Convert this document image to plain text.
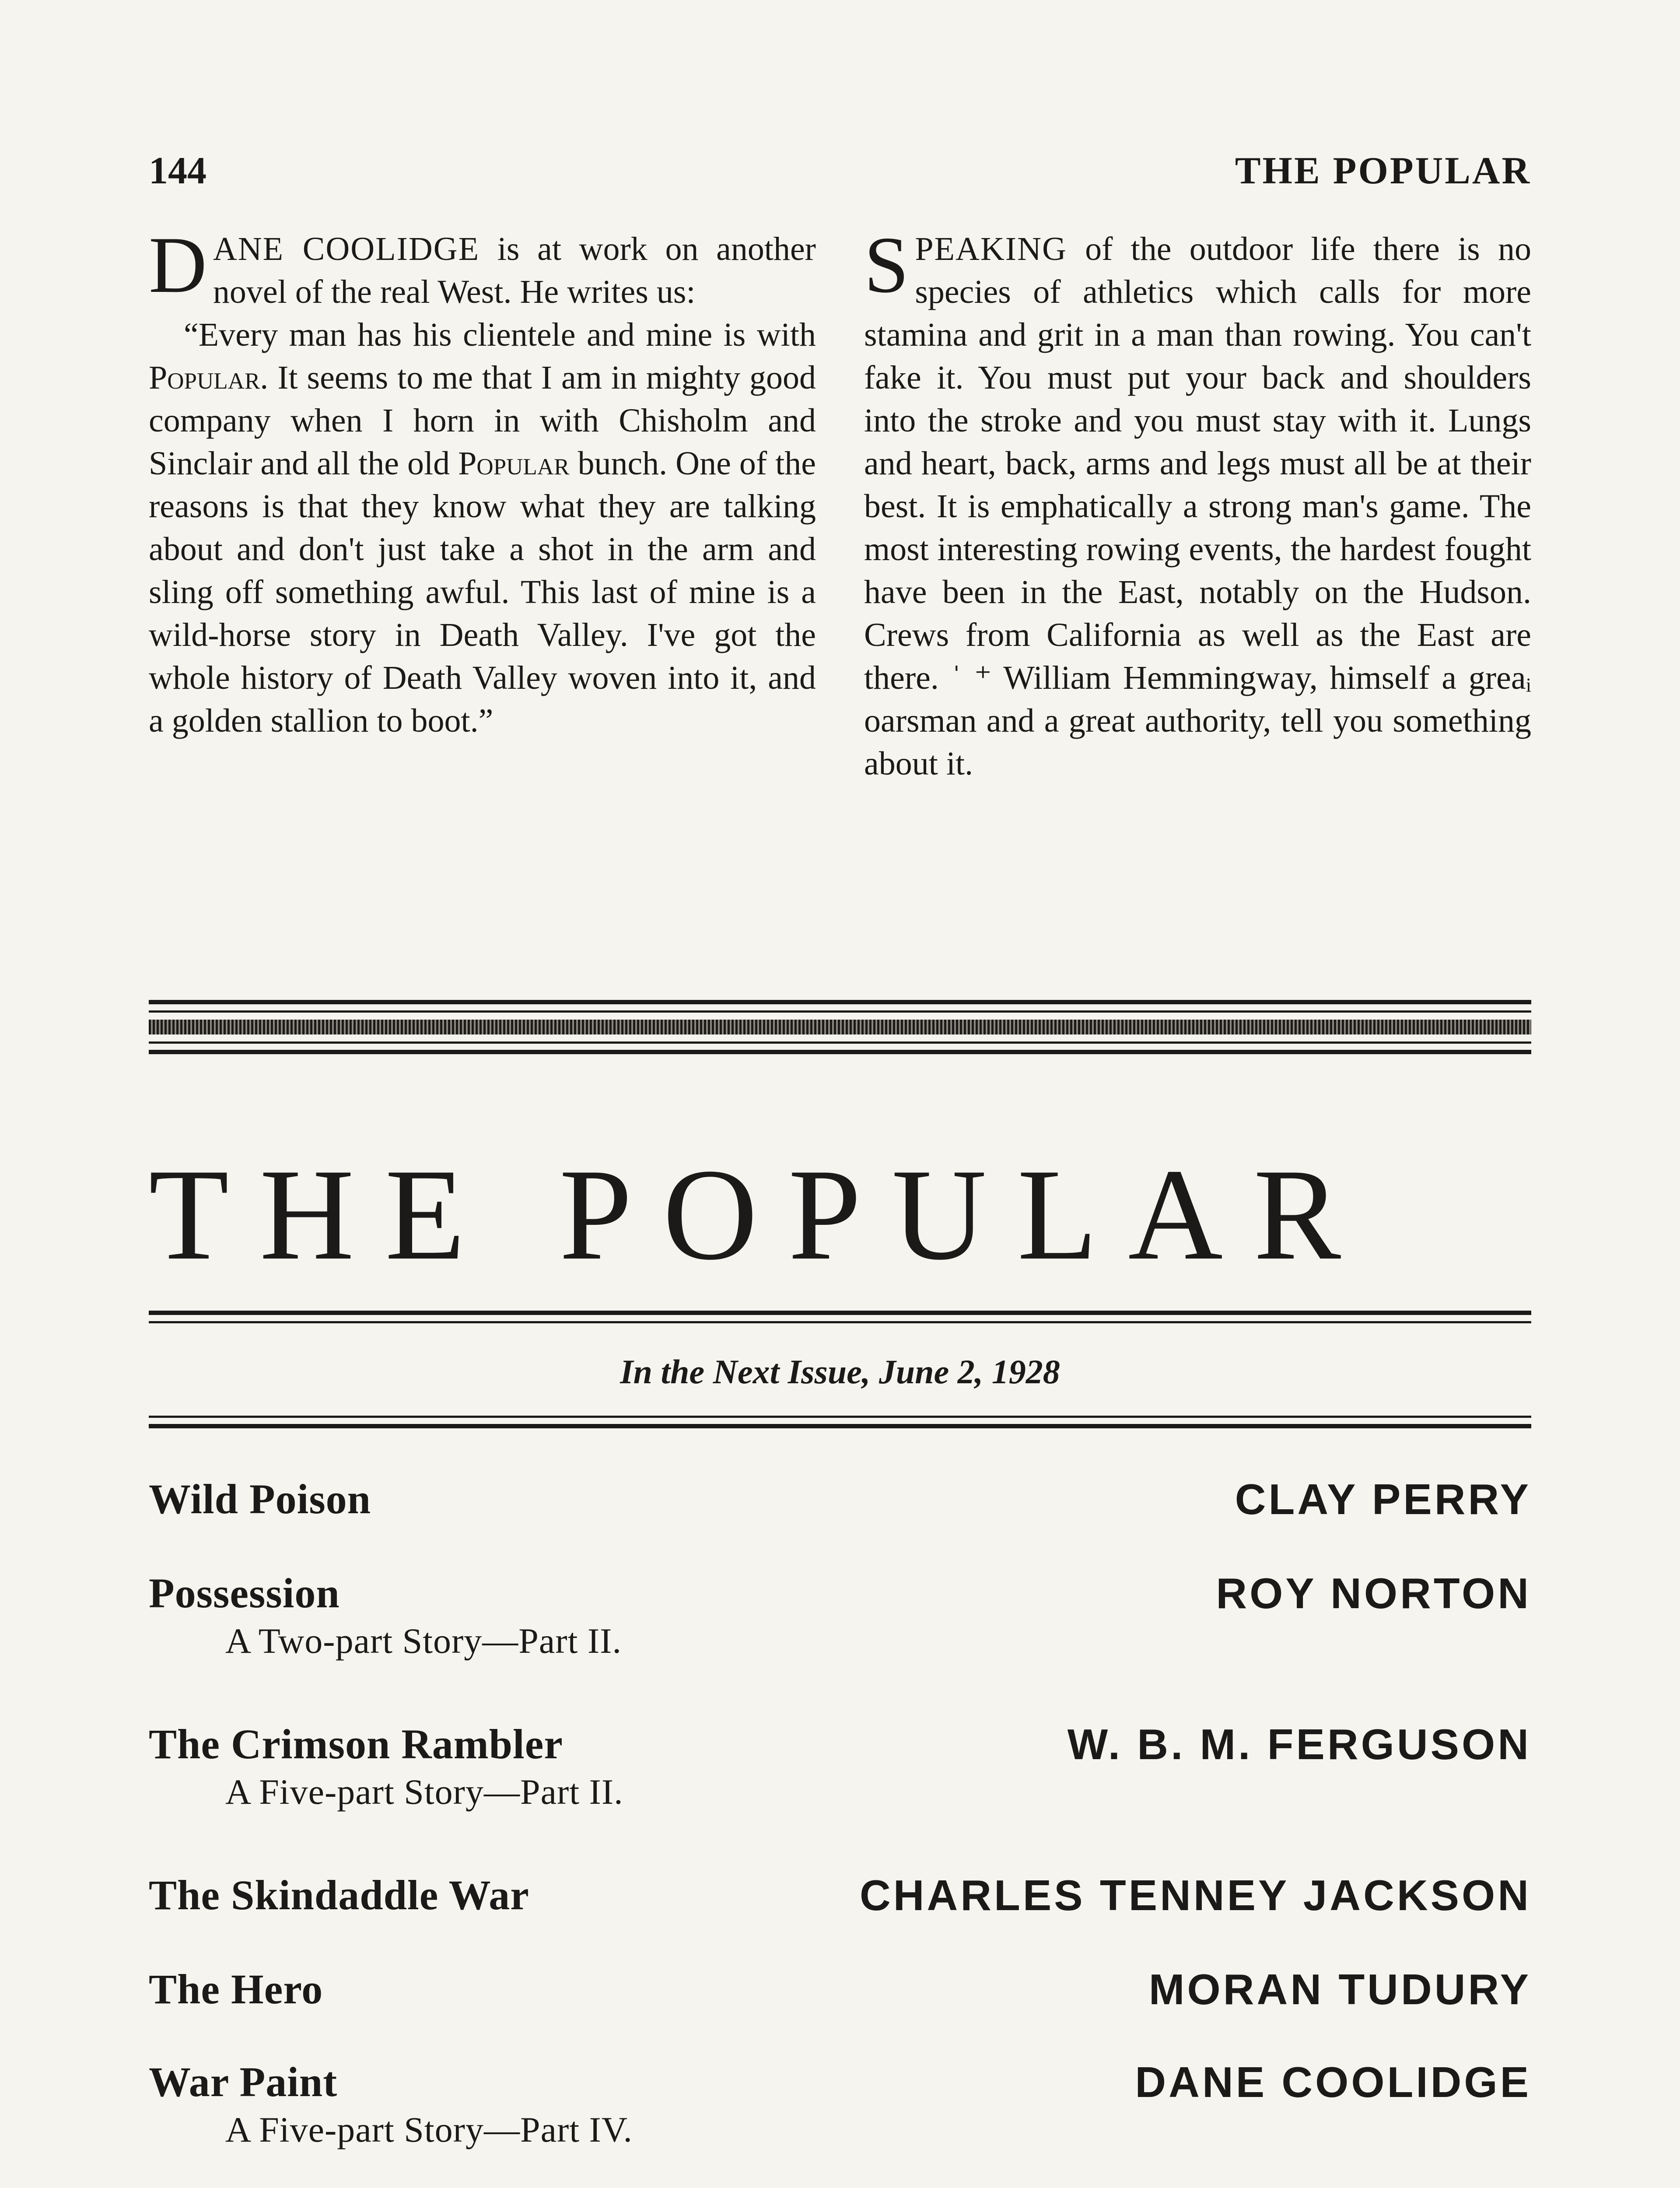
144	THE POPULAR

DANE COOLIDGE is at work on another novel of the real West. He writes us:

“Every man has his clientele and mine is with Popular. It seems to me that I am in mighty good company when I horn in with Chisholm and Sinclair and all the old Popular bunch. One of the reasons is that they know what they are talking about and don't just take a shot in the arm and sling off something awful. This last of mine is a wild-horse story in Death Valley. I've got the whole history of Death Valley woven into it, and a golden stallion to boot.”

SPEAKING of the outdoor life there is no species of athletics which calls for more stamina and grit in a man than rowing. You can't fake it. You must put your back and shoulders into the stroke and you must stay with it. Lungs and heart, back, arms and legs must all be at their best. It is emphatically a strong man's game. The most interesting rowing events, the hardest fought have been in the East, notably on the Hudson. Crews from California as well as the East are there. ˈ ⁺ William Hemmingway, himself a greaᵢ oarsman and a great authority, tell you something about it.

THE POPULAR
In the Next Issue, June 2, 1928
Wild Poison	CLAY PERRY
Possession	ROY NORTON
A Two-part Story—Part II.
The Crimson Rambler	W. B. M. FERGUSON
A Five-part Story—Part II.
The Skindaddle War	CHARLES TENNEY JACKSON
The Hero	MORAN TUDURY
War Paint	DANE COOLIDGE
A Five-part Story—Part IV.
